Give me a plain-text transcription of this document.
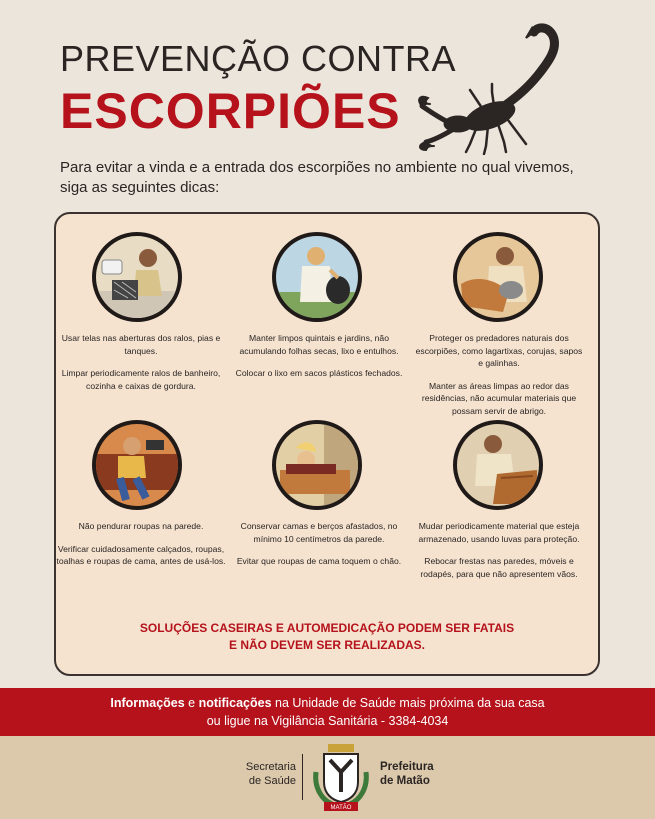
PREVENÇÃO CONTRA
ESCORPIÕES
Para evitar a vinda e a entrada dos escorpiões no ambiente no qual vivemos, siga as seguintes dicas:

Usar telas nas aberturas dos ralos, pias e tanques.

Limpar periodicamente ralos de banheiro, cozinha e caixas de gordura.

Manter limpos quintais e jardins, não acumulando folhas secas, lixo e entulhos.

Colocar o lixo em sacos plásticos fechados.

Proteger os predadores naturais dos escorpiões, como lagartixas, corujas, sapos e galinhas.

Manter as áreas limpas ao redor das residências, não acumular materiais que possam servir de abrigo.

Não pendurar roupas na parede.

Verificar cuidadosamente calçados, roupas, toalhas e roupas de cama, antes de usá-los.

Conservar camas e berços afastados, no mínimo 10 centímetros da parede.

Evitar que roupas de cama toquem o chão.

Mudar periodicamente material que esteja armazenado, usando luvas para proteção.

Rebocar frestas nas paredes, móveis e rodapés, para que não apresentem vãos.

SOLUÇÕES CASEIRAS E AUTOMEDICAÇÃO PODEM SER FATAIS
E NÃO DEVEM SER REALIZADAS.
Informações e notificações na Unidade de Saúde mais próxima da sua casa
ou ligue na Vigilância Sanitária - 3384-4034
Secretaria
de Saúde
MATÃO
Prefeitura
de Matão
